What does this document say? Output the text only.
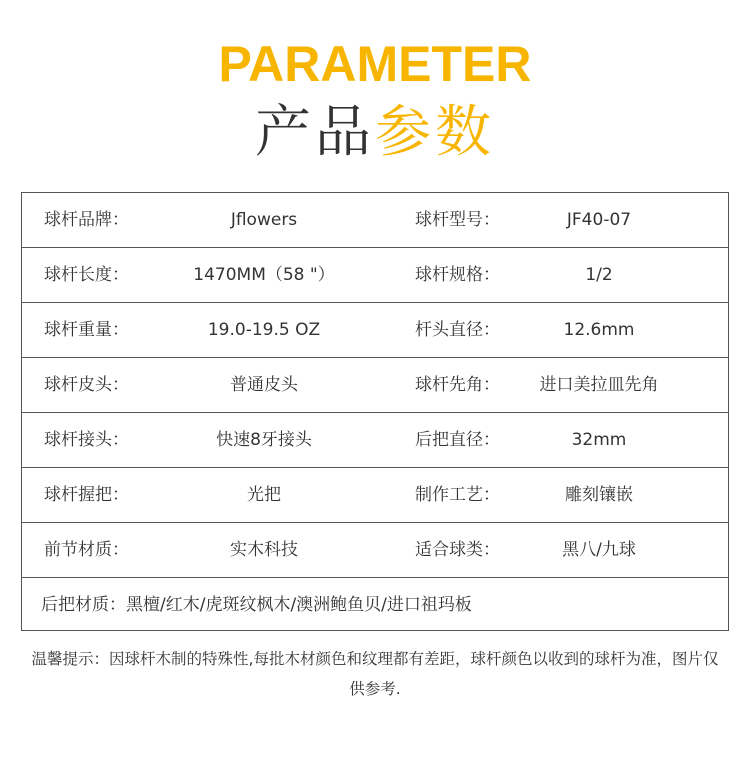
PARAMETER
产品参数
球杆品牌：	Jflowers	球杆型号：	JF40-07
球杆长度：	1470MM（58 "）	球杆规格：	1/2
球杆重量：	19.0-19.5 OZ	杆头直径：	12.6mm
球杆皮头：	普通皮头	球杆先角：	进口美拉皿先角
球杆接头：	快速8牙接头	后把直径：	32mm
球杆握把：	光把	制作工艺：	雕刻镶嵌
前节材质：	实木科技	适合球类：	黑八/九球
后把材质：黑檀/红木/虎斑纹枫木/澳洲鲍鱼贝/进口祖玛板
温馨提示：因球杆木制的特殊性,每批木材颜色和纹理都有差距，球杆颜色以收到的球杆为准，图片仅供参考.
